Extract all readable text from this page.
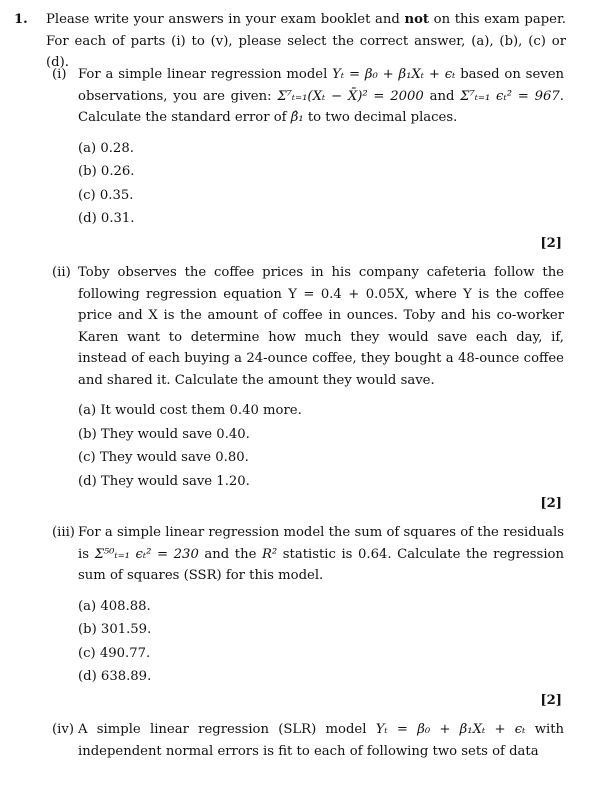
1. Please write your answers in your exam booklet and not on this exam paper. For each of parts (i) to (v), please select the correct answer, (a), (b), (c) or (d).
(i) For a simple linear regression model Yₜ = β₀ + β₁Xₜ + ϵₜ based on seven observations, you are given: Σ⁷ₜ₌₁(Xₜ − X̄)² = 2000 and Σ⁷ₜ₌₁ ϵₜ² = 967. Calculate the standard error of β̂₁ to two decimal places.
(a) 0.28.
(b) 0.26.
(c) 0.35.
(d) 0.31.
[2]
(ii) Toby observes the coffee prices in his company cafeteria follow the following regression equation Y = 0.4 + 0.05X, where Y is the coffee price and X is the amount of coffee in ounces. Toby and his co-worker Karen want to determine how much they would save each day, if, instead of each buying a 24-ounce coffee, they bought a 48-ounce coffee and shared it. Calculate the amount they would save.
(a) It would cost them 0.40 more.
(b) They would save 0.40.
(c) They would save 0.80.
(d) They would save 1.20.
[2]
(iii) For a simple linear regression model the sum of squares of the residuals is Σ⁵⁰ₜ₌₁ ϵₜ² = 230 and the R² statistic is 0.64. Calculate the regression sum of squares (SSR) for this model.
(a) 408.88.
(b) 301.59.
(c) 490.77.
(d) 638.89.
[2]
(iv) A simple linear regression (SLR) model Yₜ = β₀ + β₁Xₜ + ϵₜ with independent normal errors is fit to each of following two sets of data
